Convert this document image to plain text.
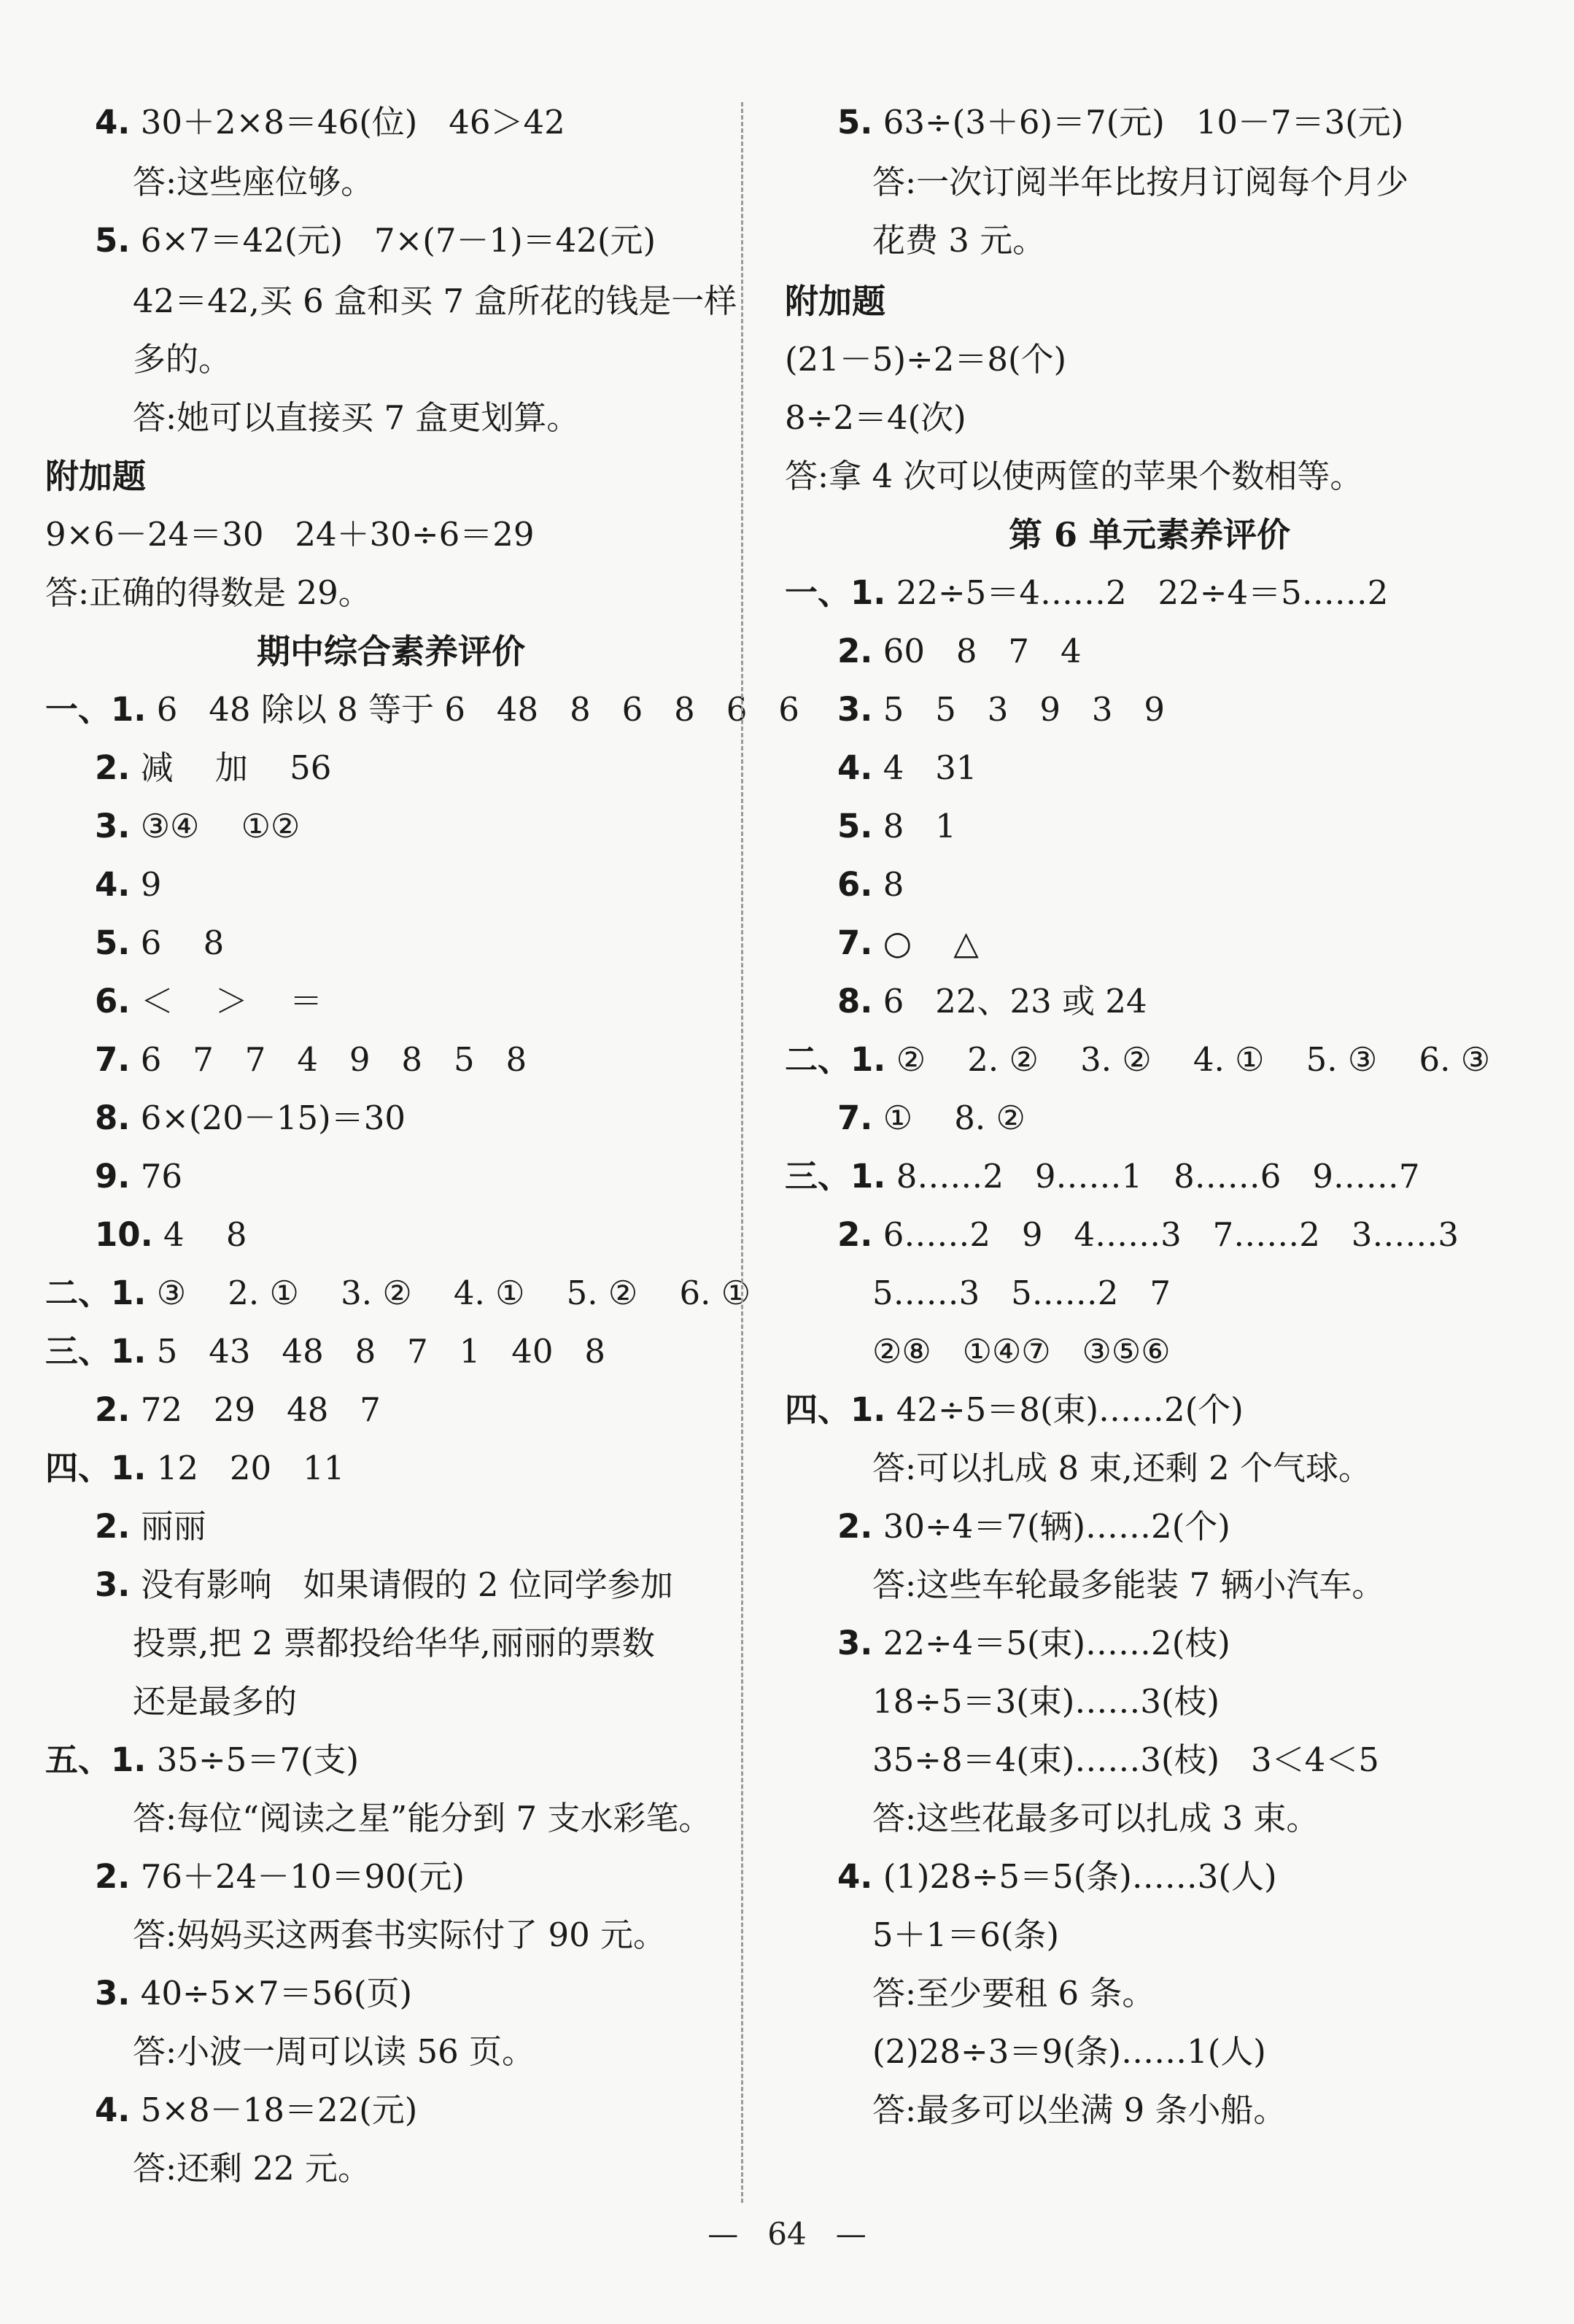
4. 30＋2×8＝46(位)   46＞42
答:这些座位够。
5. 6×7＝42(元)   7×(7－1)＝42(元)
42＝42,买 6 盒和买 7 盒所花的钱是一样
多的。
答:她可以直接买 7 盒更划算。
附加题
9×6－24＝30   24＋30÷6＝29
答:正确的得数是 29。
期中综合素养评价
一、1. 6   48 除以 8 等于 6   48   8   6   8   6   6
2. 减    加    56
3. ③④    ①②
4. 9
5. 6    8
6. ＜    ＞    ＝
7. 6   7   7   4   9   8   5   8
8. 6×(20－15)＝30
9. 76
10. 4    8
二、1. ③    2. ①    3. ②    4. ①    5. ②    6. ①
三、1. 5   43   48   8   7   1   40   8
2. 72   29   48   7
四、1. 12   20   11
2. 丽丽
3. 没有影响   如果请假的 2 位同学参加
投票,把 2 票都投给华华,丽丽的票数
还是最多的
五、1. 35÷5＝7(支)
答:每位“阅读之星”能分到 7 支水彩笔。
2. 76＋24－10＝90(元)
答:妈妈买这两套书实际付了 90 元。
3. 40÷5×7＝56(页)
答:小波一周可以读 56 页。
4. 5×8－18＝22(元)
答:还剩 22 元。
5. 63÷(3＋6)＝7(元)   10－7＝3(元)
答:一次订阅半年比按月订阅每个月少
花费 3 元。
附加题
(21－5)÷2＝8(个)
8÷2＝4(次)
答:拿 4 次可以使两筐的苹果个数相等。
第 6 单元素养评价
一、1. 22÷5＝4……2   22÷4＝5……2
2. 60   8   7   4
3. 5   5   3   9   3   9
4. 4   31
5. 8   1
6. 8
7. ○    △
8. 6   22、23 或 24
二、1. ②    2. ②    3. ②    4. ①    5. ③    6. ③
7. ①    8. ②
三、1. 8……2   9……1   8……6   9……7
2. 6……2   9   4……3   7……2   3……3
5……3   5……2   7
②⑧   ①④⑦   ③⑤⑥
四、1. 42÷5＝8(束)……2(个)
答:可以扎成 8 束,还剩 2 个气球。
2. 30÷4＝7(辆)……2(个)
答:这些车轮最多能装 7 辆小汽车。
3. 22÷4＝5(束)……2(枝)
18÷5＝3(束)……3(枝)
35÷8＝4(束)……3(枝)   3＜4＜5
答:这些花最多可以扎成 3 束。
4. (1)28÷5＝5(条)……3(人)
5＋1＝6(条)
答:至少要租 6 条。
(2)28÷3＝9(条)……1(人)
答:最多可以坐满 9 条小船。
—   64   —
